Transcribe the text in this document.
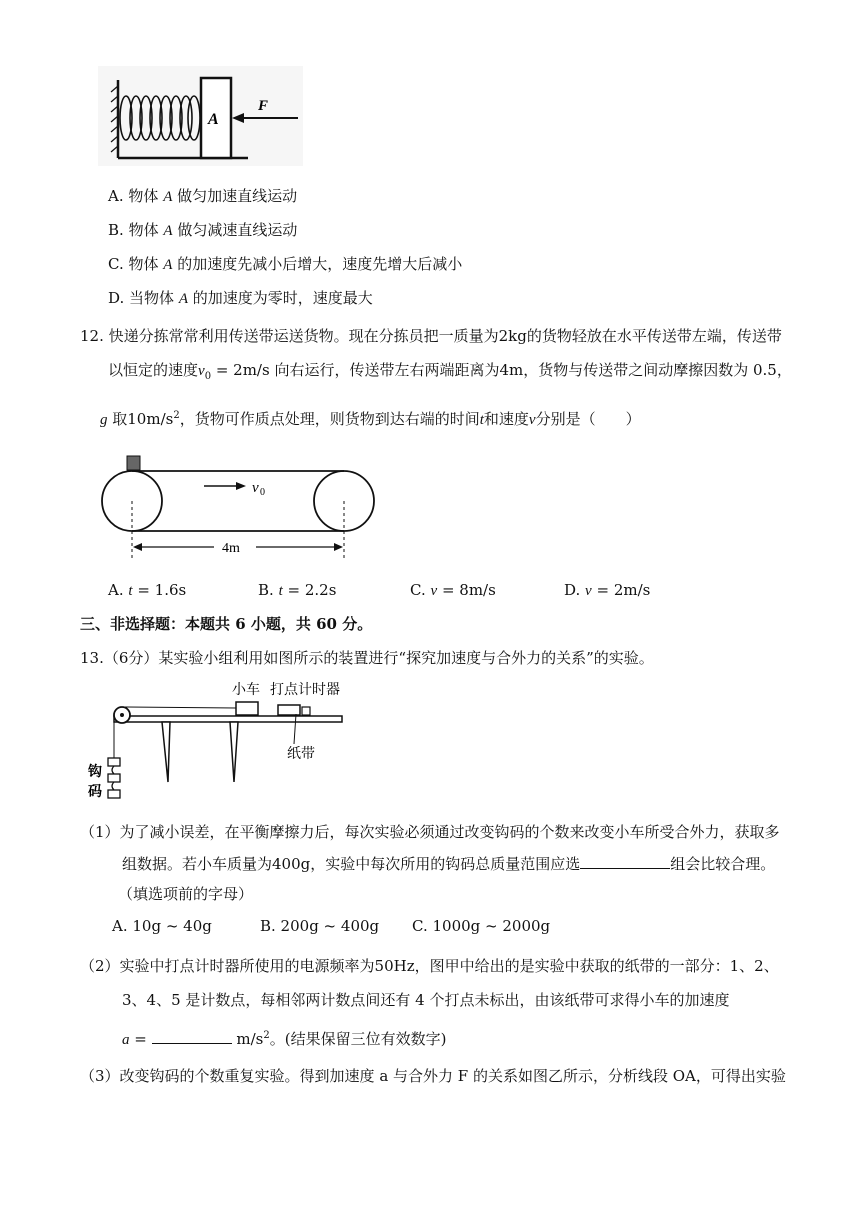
A
F
A. 物体 A 做匀加速直线运动
B. 物体 A 做匀减速直线运动
C. 物体 A 的加速度先减小后增大，速度先增大后减小
D. 当物体 A 的加速度为零时，速度最大
12. 快递分拣常常利用传送带运送货物。现在分拣员把一质量为2kg的货物轻放在水平传送带左端，传送带
以恒定的速度$v_0 = 2m/s$ 向右运行，传送带左右两端距离为4m，货物与传送带之间动摩擦因数为 0.5，
g 取$10m/s^2$，货物可作质点处理，则货物到达右端的时间t和速度v分别是（　　）
v 0
4m
A. t = 1.6s	B. t = 2.2s	C. v = 8m/s	D. v = 2m/s
三、非选择题：本题共 6 小题，共 60 分。
13.（6分）某实验小组利用如图所示的装置进行“探究加速度与合外力的关系”的实验。
小车 打点计时器
纸带
钩
码
（1）为了减小误差，在平衡摩擦力后，每次实验必须通过改变钩码的个数来改变小车所受合外力，获取多
组数据。若小车质量为400g，实验中每次所用的钩码总质量范围应选	组会比较合理。
（填选项前的字母）
A. 10g ~ 40g	B. 200g ~ 400g C. 1000g ~ 2000g
（2）实验中打点计时器所使用的电源频率为50Hz，图甲中给出的是实验中获取的纸带的一部分：1、2、
3、4、5 是计数点，每相邻两计数点间还有 4 个打点未标出，由该纸带可求得小车的加速度
a =	$m/s^2$。(结果保留三位有效数字)
（3）改变钩码的个数重复实验。得到加速度 a 与合外力 F 的关系如图乙所示，分析线段 OA，可得出实验
